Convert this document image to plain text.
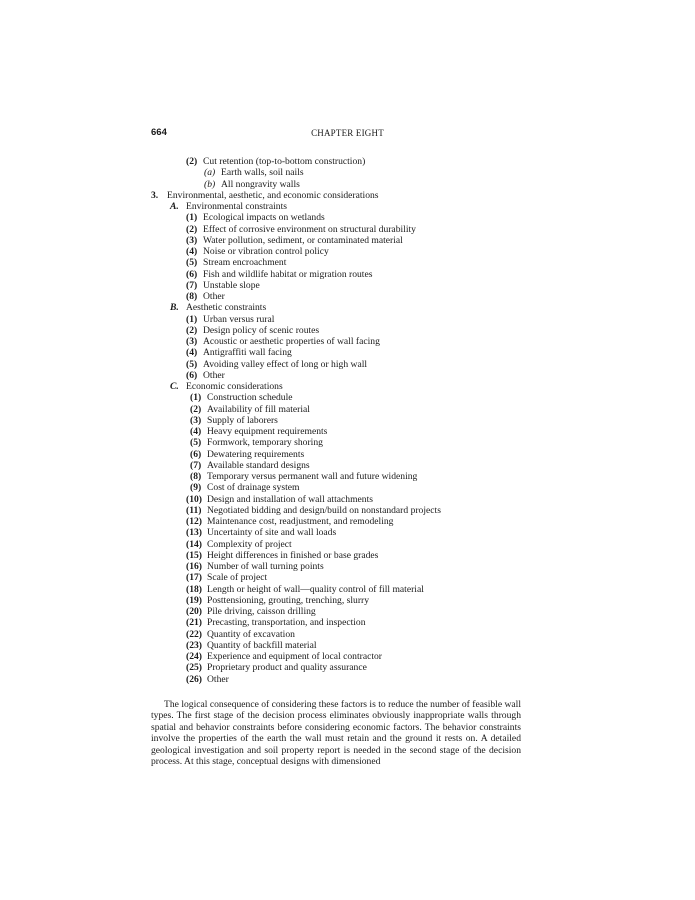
664	CHAPTER EIGHT
(2) Cut retention (top-to-bottom construction)
(a) Earth walls, soil nails
(b) All nongravity walls
3. Environmental, aesthetic, and economic considerations
A. Environmental constraints
(1) Ecological impacts on wetlands
(2) Effect of corrosive environment on structural durability
(3) Water pollution, sediment, or contaminated material
(4) Noise or vibration control policy
(5) Stream encroachment
(6) Fish and wildlife habitat or migration routes
(7) Unstable slope
(8) Other
B. Aesthetic constraints
(1) Urban versus rural
(2) Design policy of scenic routes
(3) Acoustic or aesthetic properties of wall facing
(4) Antigraffiti wall facing
(5) Avoiding valley effect of long or high wall
(6) Other
C. Economic considerations
(1) Construction schedule
(2) Availability of fill material
(3) Supply of laborers
(4) Heavy equipment requirements
(5) Formwork, temporary shoring
(6) Dewatering requirements
(7) Available standard designs
(8) Temporary versus permanent wall and future widening
(9) Cost of drainage system
(10) Design and installation of wall attachments
(11) Negotiated bidding and design/build on nonstandard projects
(12) Maintenance cost, readjustment, and remodeling
(13) Uncertainty of site and wall loads
(14) Complexity of project
(15) Height differences in finished or base grades
(16) Number of wall turning points
(17) Scale of project
(18) Length or height of wall—quality control of fill material
(19) Posttensioning, grouting, trenching, slurry
(20) Pile driving, caisson drilling
(21) Precasting, transportation, and inspection
(22) Quantity of excavation
(23) Quantity of backfill material
(24) Experience and equipment of local contractor
(25) Proprietary product and quality assurance
(26) Other
The logical consequence of considering these factors is to reduce the number of feasible wall types. The first stage of the decision process eliminates obviously inappropriate walls through spatial and behavior constraints before considering economic factors. The behavior constraints involve the properties of the earth the wall must retain and the ground it rests on. A detailed geological investigation and soil property report is needed in the second stage of the decision process. At this stage, conceptual designs with dimensioned
